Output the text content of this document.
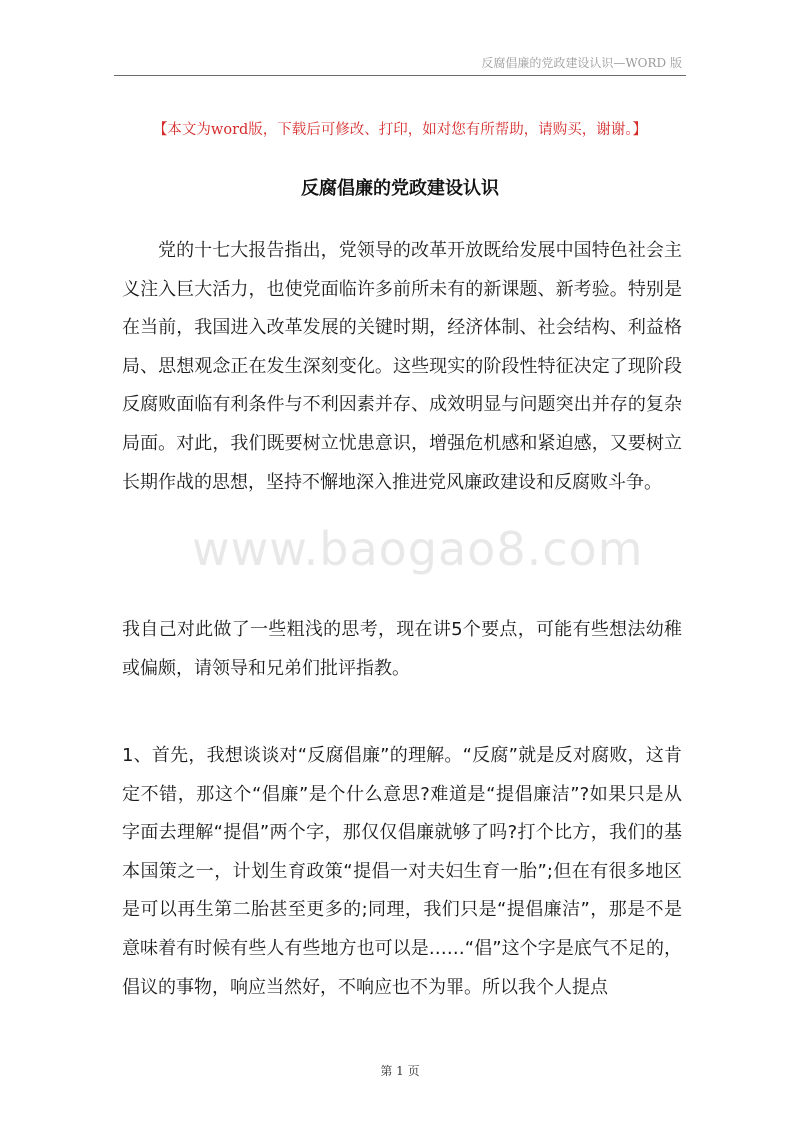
反腐倡廉的党政建设认识—WORD 版
【本文为word版，下载后可修改、打印，如对您有所帮助，请购买，谢谢。】
反腐倡廉的党政建设认识

党的十七大报告指出，党领导的改革开放既给发展中国特色社会主义注入巨大活力，也使党面临许多前所未有的新课题、新考验。特别是在当前，我国进入改革发展的关键时期，经济体制、社会结构、利益格局、思想观念正在发生深刻变化。这些现实的阶段性特征决定了现阶段反腐败面临有利条件与不利因素并存、成效明显与问题突出并存的复杂局面。对此，我们既要树立忧患意识，增强危机感和紧迫感，又要树立长期作战的思想，坚持不懈地深入推进党风廉政建设和反腐败斗争。

我自己对此做了一些粗浅的思考，现在讲5个要点，可能有些想法幼稚或偏颇，请领导和兄弟们批评指教。

1、首先，我想谈谈对“反腐倡廉”的理解。“反腐”就是反对腐败，这肯定不错，那这个“倡廉”是个什么意思?难道是“提倡廉洁”?如果只是从字面去理解“提倡”两个字，那仅仅倡廉就够了吗?打个比方，我们的基本国策之一，计划生育政策“提倡一对夫妇生育一胎”;但在有很多地区是可以再生第二胎甚至更多的;同理，我们只是“提倡廉洁”，那是不是意味着有时候有些人有些地方也可以是……“倡”这个字是底气不足的，倡议的事物，响应当然好，不响应也不为罪。所以我个人提点

www.baogao8.com
第 1 页
